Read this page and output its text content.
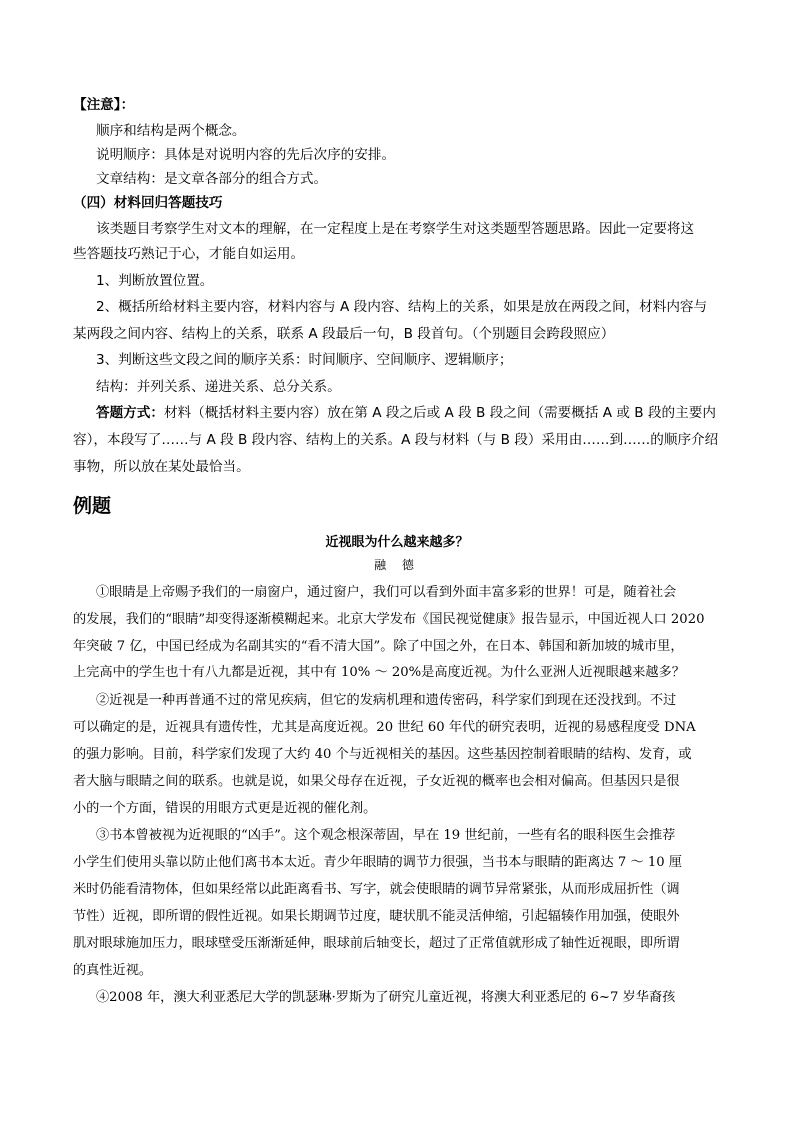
【注意】：
顺序和结构是两个概念。
说明顺序：具体是对说明内容的先后次序的安排。
文章结构：是文章各部分的组合方式。
（四）材料回归答题技巧
该类题目考察学生对文本的理解，在一定程度上是在考察学生对这类题型答题思路。因此一定要将这
些答题技巧熟记于心，才能自如运用。
1、判断放置位置。
2、概括所给材料主要内容，材料内容与 A 段内容、结构上的关系，如果是放在两段之间，材料内容与
某两段之间内容、结构上的关系，联系 A 段最后一句，B 段首句。（个别题目会跨段照应）
3、判断这些文段之间的顺序关系：时间顺序、空间顺序、逻辑顺序；
结构：并列关系、递进关系、总分关系。
答题方式：材料（概括材料主要内容）放在第 A 段之后或 A 段 B 段之间（需要概括 A 或 B 段的主要内
容），本段写了……与 A 段 B 段内容、结构上的关系。A 段与材料（与 B 段）采用由……到……的顺序介绍
事物，所以放在某处最恰当。
例题
近视眼为什么越来越多？
融 德
①眼睛是上帝赐予我们的一扇窗户，通过窗户，我们可以看到外面丰富多彩的世界！可是，随着社会
的发展，我们的“眼睛”却变得逐渐模糊起来。北京大学发布《国民视觉健康》报告显示，中国近视人口 2020
年突破 7 亿，中国已经成为名副其实的“看不清大国”。除了中国之外，在日本、韩国和新加坡的城市里，
上完高中的学生也十有八九都是近视，其中有 10% ～ 20%是高度近视。为什么亚洲人近视眼越来越多？
②近视是一种再普通不过的常见疾病，但它的发病机理和遗传密码，科学家们到现在还没找到。不过
可以确定的是，近视具有遗传性，尤其是高度近视。20 世纪 60 年代的研究表明，近视的易感程度受 DNA
的强力影响。目前，科学家们发现了大约 40 个与近视相关的基因。这些基因控制着眼睛的结构、发育，或
者大脑与眼睛之间的联系。也就是说，如果父母存在近视，子女近视的概率也会相对偏高。但基因只是很
小的一个方面，错误的用眼方式更是近视的催化剂。
③书本曾被视为近视眼的“凶手”。这个观念根深蒂固，早在 19 世纪前，一些有名的眼科医生会推荐
小学生们使用头靠以防止他们离书本太近。青少年眼睛的调节力很强，当书本与眼睛的距离达 7 ～ 10 厘
米时仍能看清物体，但如果经常以此距离看书、写字，就会使眼睛的调节异常紧张，从而形成屈折性（调
节性）近视，即所谓的假性近视。如果长期调节过度，睫状肌不能灵活伸缩，引起辐辏作用加强，使眼外
肌对眼球施加压力，眼球壁受压渐渐延伸，眼球前后轴变长，超过了正常值就形成了轴性近视眼，即所谓
的真性近视。
④2008 年，澳大利亚悉尼大学的凯瑟琳·罗斯为了研究儿童近视，将澳大利亚悉尼的 6~7 岁华裔孩
